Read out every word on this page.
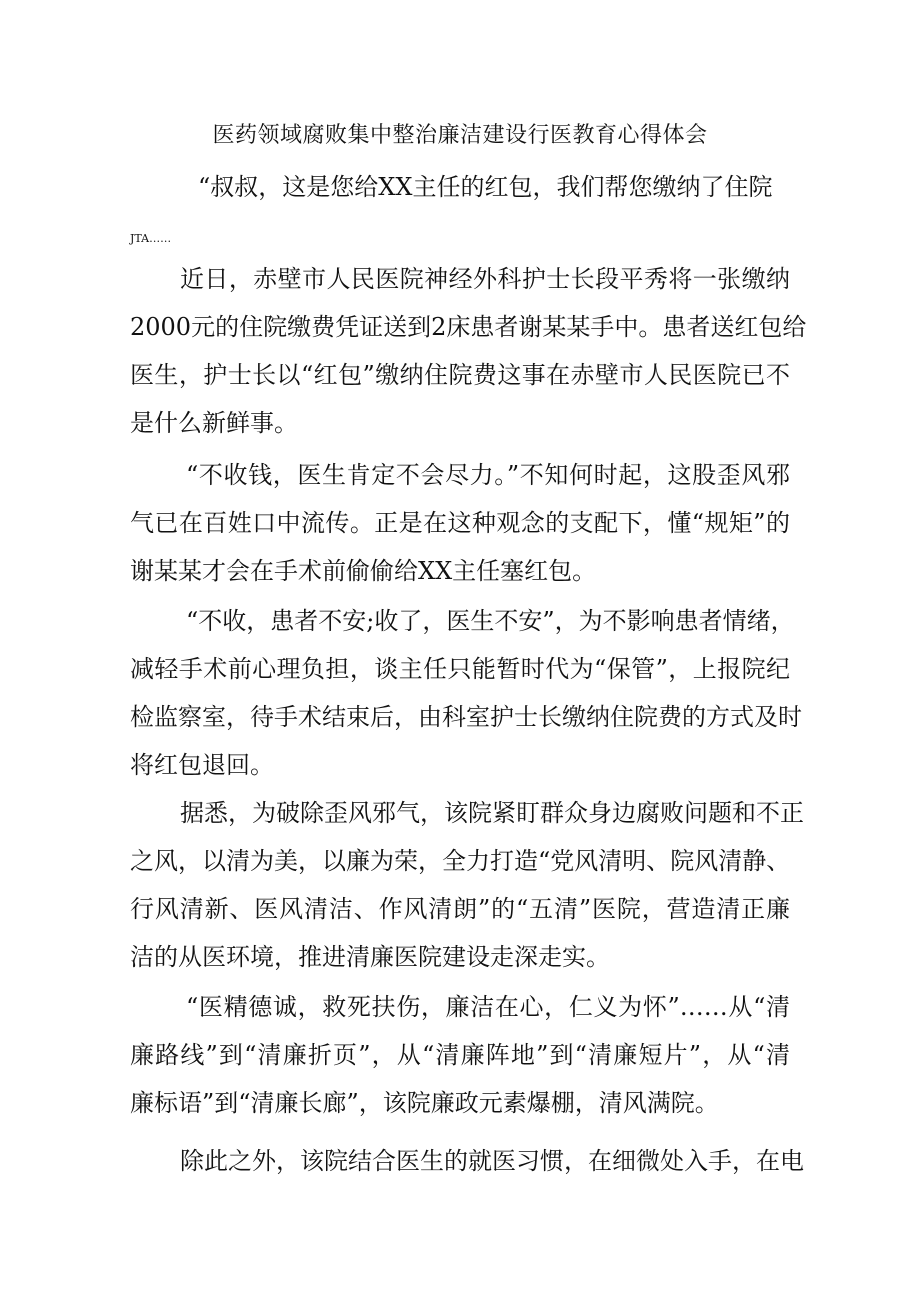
医药领域腐败集中整治廉洁建设行医教育心得体会
“叔叔，这是您给XX主任的红包，我们帮您缴纳了住院
JTA……
近日，赤壁市人民医院神经外科护士长段平秀将一张缴纳
2000元的住院缴费凭证送到2床患者谢某某手中。患者送红包给
医生，护士长以“红包”缴纳住院费这事在赤壁市人民医院已不
是什么新鲜事。
“不收钱，医生肯定不会尽力。”不知何时起，这股歪风邪
气已在百姓口中流传。正是在这种观念的支配下，懂“规矩”的
谢某某才会在手术前偷偷给XX主任塞红包。
“不收，患者不安;收了，医生不安”，为不影响患者情绪，
减轻手术前心理负担，谈主任只能暂时代为“保管”，上报院纪
检监察室，待手术结束后，由科室护士长缴纳住院费的方式及时
将红包退回。
据悉，为破除歪风邪气，该院紧盯群众身边腐败问题和不正
之风，以清为美，以廉为荣，全力打造“党风清明、院风清静、
行风清新、医风清洁、作风清朗”的“五清”医院，营造清正廉
洁的从医环境，推进清廉医院建设走深走实。
“医精德诚，救死扶伤，廉洁在心，仁义为怀”……从“清
廉路线”到“清廉折页”，从“清廉阵地”到“清廉短片”，从“清
廉标语”到“清廉长廊”，该院廉政元素爆棚，清风满院。
除此之外，该院结合医生的就医习惯，在细微处入手，在电
